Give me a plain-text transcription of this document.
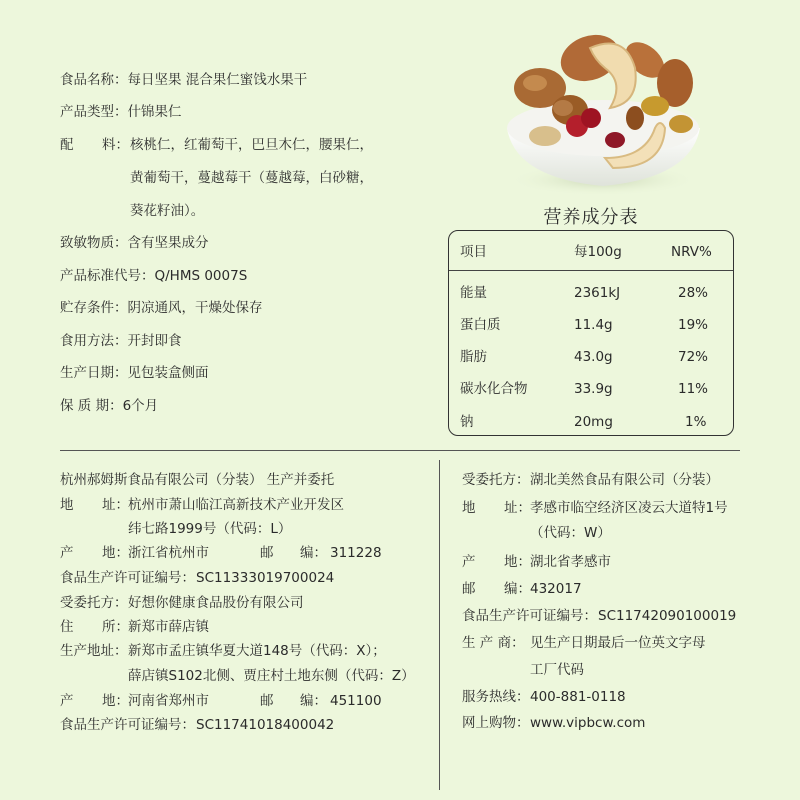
食品名称：每日坚果 混合果仁蜜饯水果干
产品类型：什锦果仁
配 料： 核桃仁，红葡萄干，巴旦木仁，腰果仁，
黄葡萄干，蔓越莓干（蔓越莓，白砂糖，
葵花籽油）。
致敏物质：含有坚果成分
产品标准代号：Q/HMS 0007S
贮存条件：阴凉通风，干燥处保存
食用方法：开封即食
生产日期：见包装盒侧面
保 质 期：6个月
营养成分表
项目	每100g	NRV%
能量	2361kJ	28%
蛋白质	11.4g	19%
脂肪	43.0g	72%
碳水化合物	33.9g	11%
钠	20mg	1%
杭州郝姆斯食品有限公司（分装） 生产并委托
地 址： 杭州市萧山临江高新技术产业开发区
纬七路1999号（代码：L）
产 地： 浙江省杭州市	邮 编： 311228
食品生产许可证编号： SC11333019700024
受委托方： 好想你健康食品股份有限公司
住 所： 新郑市薛店镇
生产地址： 新郑市孟庄镇华夏大道148号（代码：X）；
薛店镇S102北侧、贾庄村土地东侧（代码：Z）
产 地： 河南省郑州市	邮 编： 451100
食品生产许可证编号： SC11741018400042
受委托方： 湖北美然食品有限公司（分装）
地 址： 孝感市临空经济区凌云大道特1号
（代码：W）
产 地： 湖北省孝感市
邮 编： 432017
食品生产许可证编号： SC11742090100019
生 产 商： 见生产日期最后一位英文字母
工厂代码
服务热线： 400-881-0118
网上购物： www.vipbcw.com
